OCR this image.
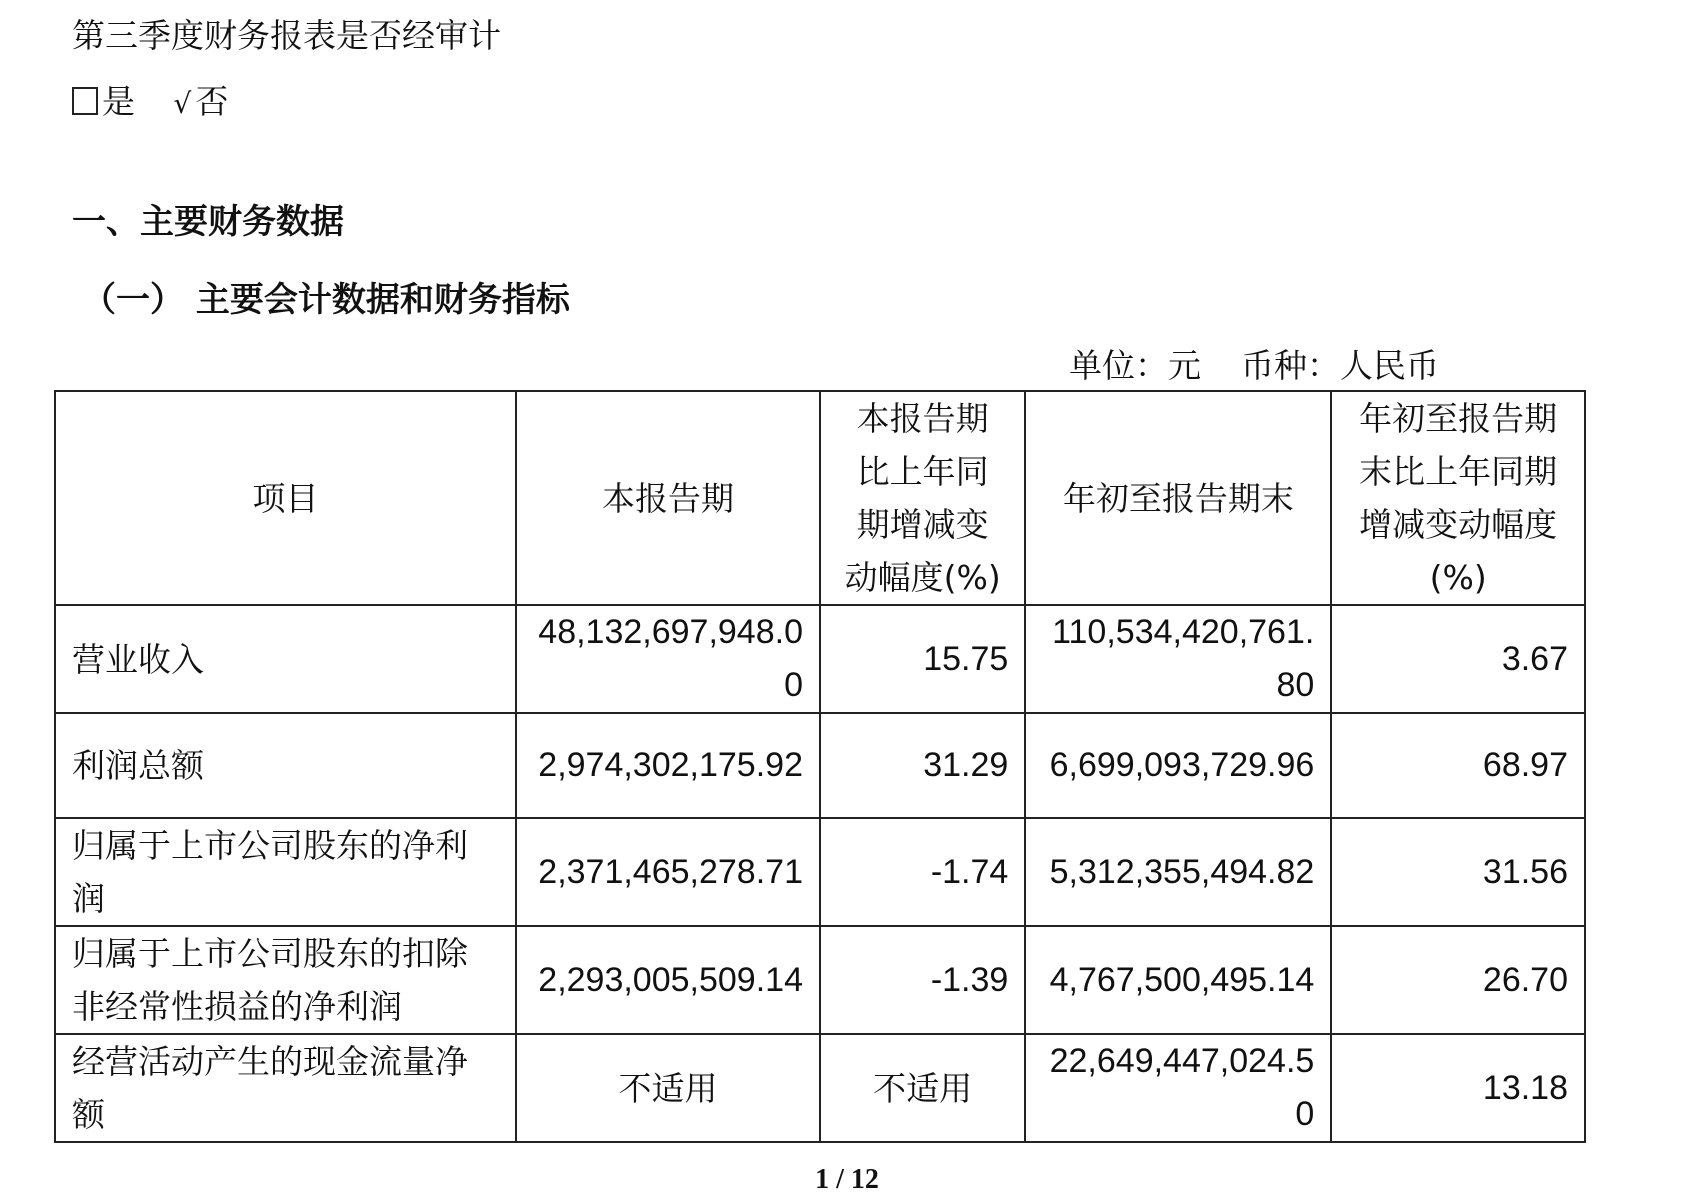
第三季度财务报表是否经审计
是 √ 否
一、主要财务数据
（一） 主要会计数据和财务指标
单位：元 币种：人民币
项目	本报告期	本报告期比上年同期增减变动幅度(%)	年初至报告期末	年初至报告期末比上年同期增减变动幅度(%)
营业收入	48,132,697,948.00	15.75	110,534,420,761.80	3.67
利润总额	2,974,302,175.92	31.29	6,699,093,729.96	68.97
归属于上市公司股东的净利润	2,371,465,278.71	-1.74	5,312,355,494.82	31.56
归属于上市公司股东的扣除非经常性损益的净利润	2,293,005,509.14	-1.39	4,767,500,495.14	26.70
经营活动产生的现金流量净额	不适用	不适用	22,649,447,024.50	13.18
1 / 12
